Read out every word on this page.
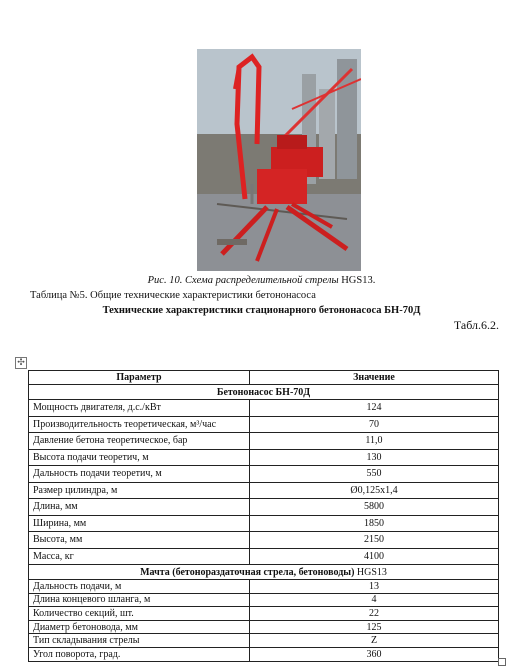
Рис. 10. Схема распределительной стрелы HGS13.
Таблица №5. Общие технические характеристики бетононасоса
Технические характеристики стационарного бетононасоса БН-70Д
Табл.6.2.
✣
Параметр	Значение
Бетононасос БН-70Д	
Мощность двигателя, д.с./кВт	124
Производительность теоретическая, м³/час	70
Давление бетона теоретическое, бар	11,0
Высота подачи теоретич, м	130
Дальность подачи теоретич, м	550
Размер цилиндра, м	Ø0,125x1,4
Длина, мм	5800
Ширина, мм	1850
Высота, мм	2150
Масса, кг	4100
Мачта (бетонораздаточная стрела, бетоноводы) HGS13	
Дальность подачи, м	13
Длина концевого шланга, м	4
Количество секций, шт.	22
Диаметр бетоновода, мм	125
Тип складывания стрелы	Z
Угол поворота, град.	360
